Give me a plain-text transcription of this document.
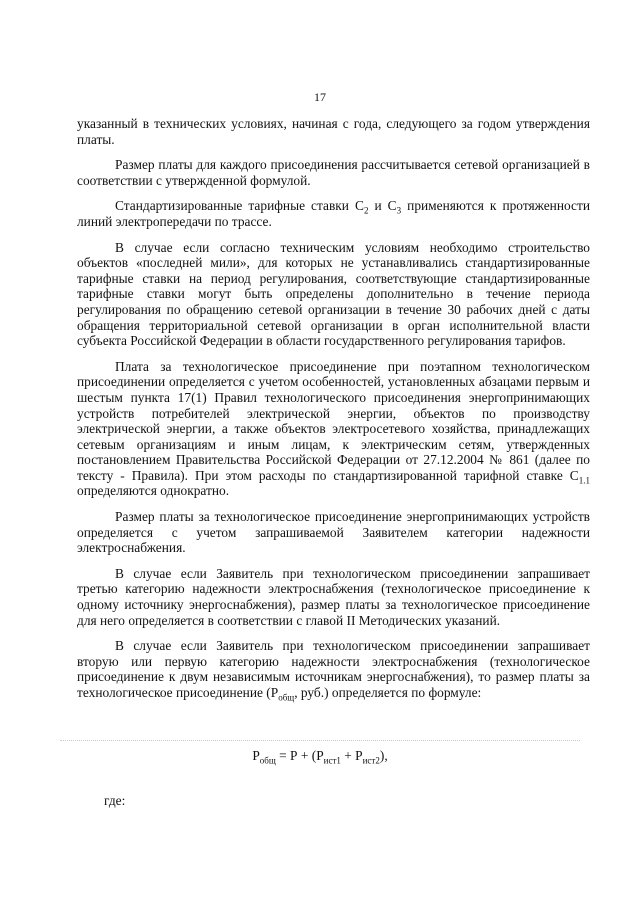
17

указанный в технических условиях, начиная с года, следующего за годом утверждения платы.

Размер платы для каждого присоединения рассчитывается сетевой организацией в соответствии с утвержденной формулой.

Стандартизированные тарифные ставки $С_2$ и $С_3$ применяются к протяженности линий электропередачи по трассе.

В случае если согласно техническим условиям необходимо строительство объектов «последней мили», для которых не устанавливались стандартизированные тарифные ставки на период регулирования, соответствующие стандартизированные тарифные ставки могут быть определены дополнительно в течение периода регулирования по обращению сетевой организации в течение 30 рабочих дней с даты обращения территориальной сетевой организации в орган исполнительной власти субъекта Российской Федерации в области государственного регулирования тарифов.

Плата за технологическое присоединение при поэтапном технологическом присоединении определяется с учетом особенностей, установленных абзацами первым и шестым пункта 17(1) Правил технологического присоединения энергопринимающих устройств потребителей электрической энергии, объектов по производству электрической энергии, а также объектов электросетевого хозяйства, принадлежащих сетевым организациям и иным лицам, к электрическим сетям, утвержденных постановлением Правительства Российской Федерации от 27.12.2004 № 861 (далее по тексту - Правила). При этом расходы по стандартизированной тарифной ставке $С_{1.1}$ определяются однократно.

Размер платы за технологическое присоединение энергопринимающих устройств определяется с учетом запрашиваемой Заявителем категории надежности электроснабжения.

В случае если Заявитель при технологическом присоединении запрашивает третью категорию надежности электроснабжения (технологическое присоединение к одному источнику энергоснабжения), размер платы за технологическое присоединение для него определяется в соответствии с главой II Методических указаний.

В случае если Заявитель при технологическом присоединении запрашивает вторую или первую категорию надежности электроснабжения (технологическое присоединение к двум независимым источникам энергоснабжения), то размер платы за технологическое присоединение ($Р_{общ}$, руб.) определяется по формуле:

$Р_{общ} = Р + (Р_{ист1} + Р_{ист2})$,
где:
